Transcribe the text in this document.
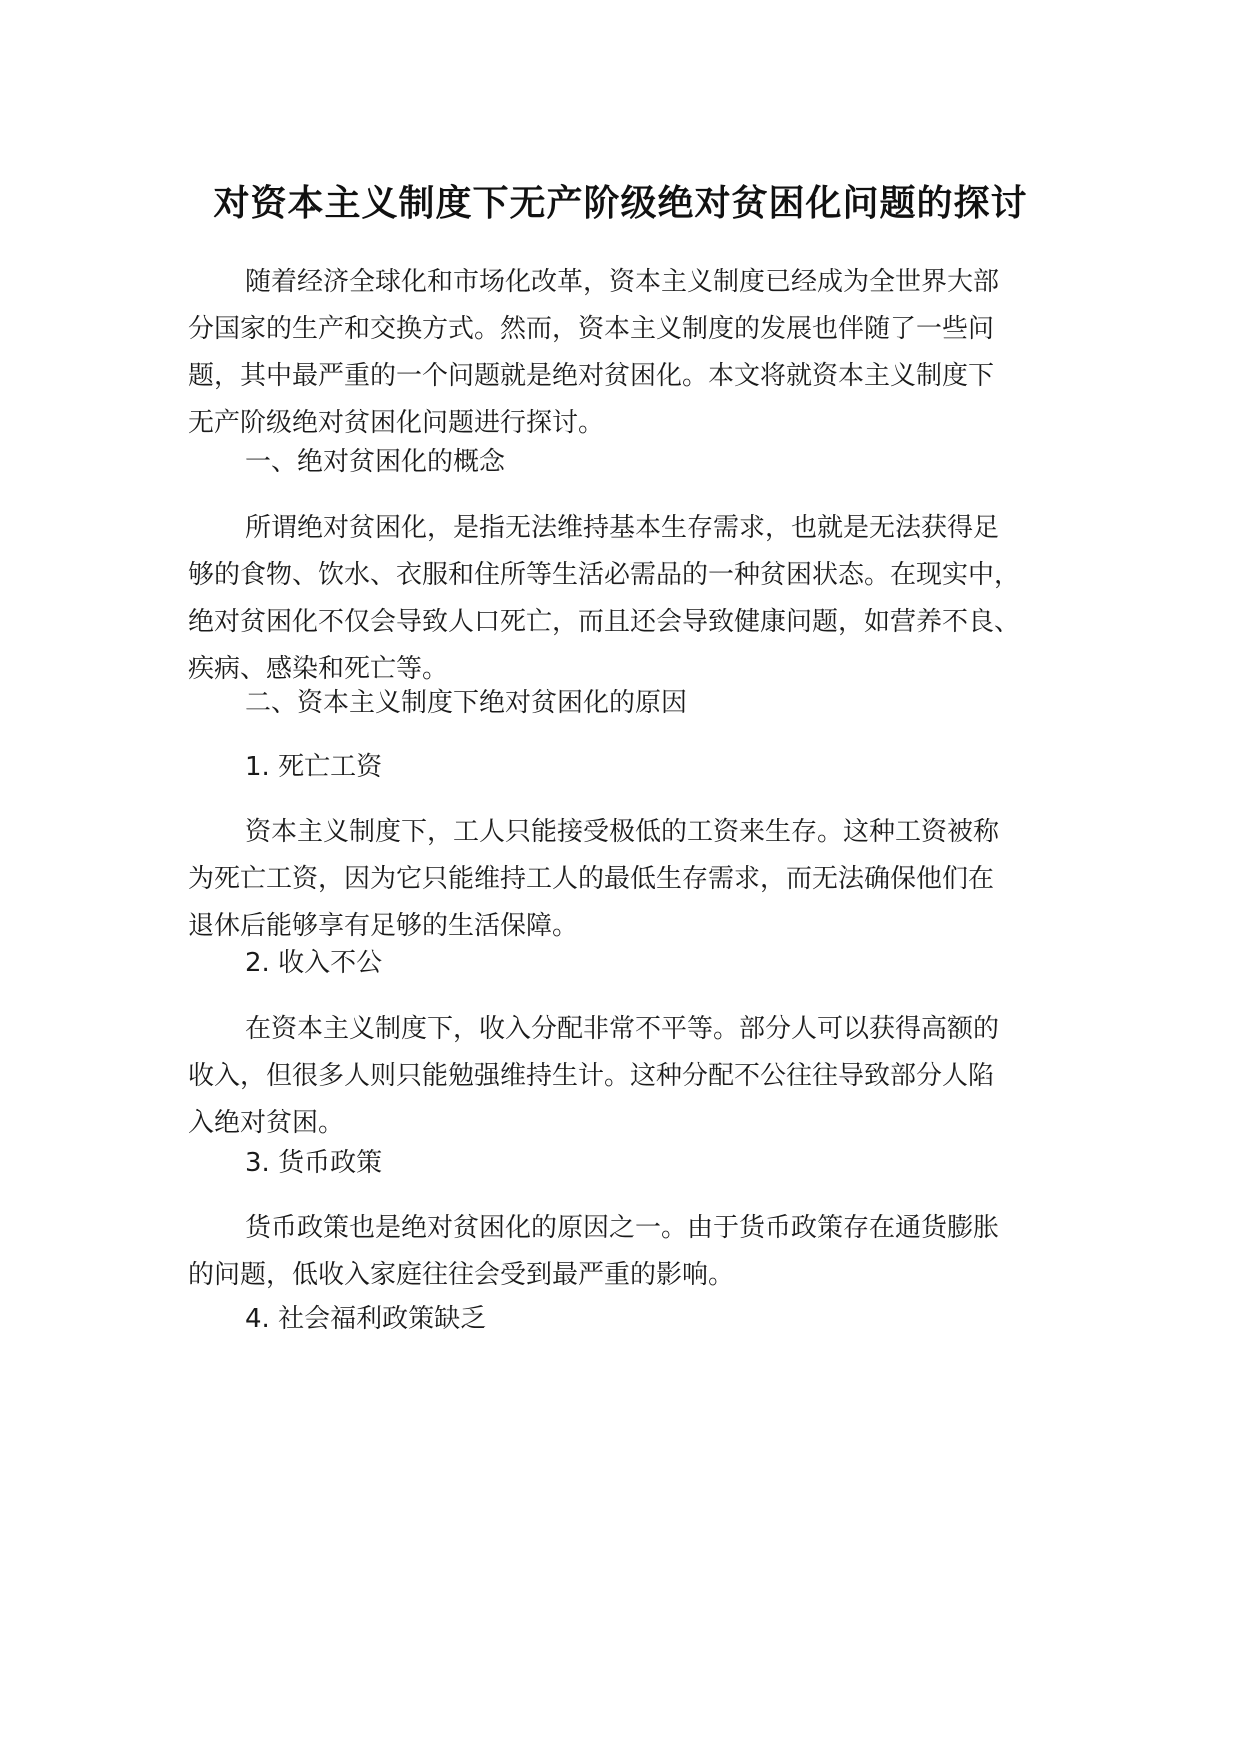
对资本主义制度下无产阶级绝对贫困化问题的探讨
随着经济全球化和市场化改革，资本主义制度已经成为全世界大部
分国家的生产和交换方式。然而，资本主义制度的发展也伴随了一些问
题，其中最严重的一个问题就是绝对贫困化。本文将就资本主义制度下
无产阶级绝对贫困化问题进行探讨。
一、绝对贫困化的概念
所谓绝对贫困化，是指无法维持基本生存需求，也就是无法获得足
够的食物、饮水、衣服和住所等生活必需品的一种贫困状态。在现实中，
绝对贫困化不仅会导致人口死亡，而且还会导致健康问题，如营养不良、
疾病、感染和死亡等。
二、资本主义制度下绝对贫困化的原因
1. 死亡工资
资本主义制度下，工人只能接受极低的工资来生存。这种工资被称
为死亡工资，因为它只能维持工人的最低生存需求，而无法确保他们在
退休后能够享有足够的生活保障。
2. 收入不公
在资本主义制度下，收入分配非常不平等。部分人可以获得高额的
收入，但很多人则只能勉强维持生计。这种分配不公往往导致部分人陷
入绝对贫困。
3. 货币政策
货币政策也是绝对贫困化的原因之一。由于货币政策存在通货膨胀
的问题，低收入家庭往往会受到最严重的影响。
4. 社会福利政策缺乏
